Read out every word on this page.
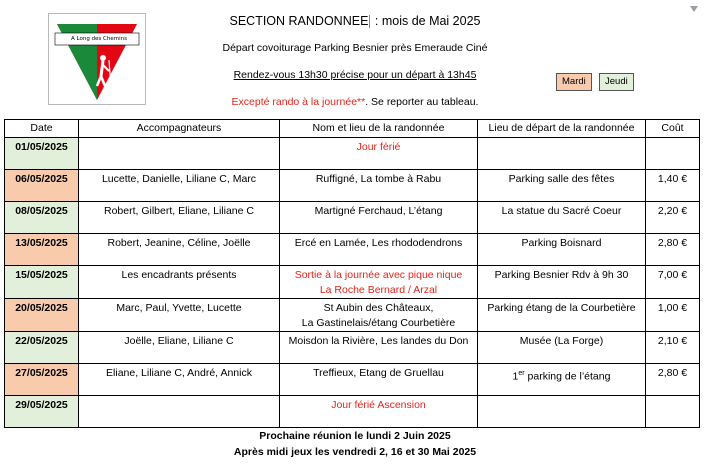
A Long des Chemins
SECTION RANDONNEE : mois de Mai 2025
Départ covoiturage Parking Besnier près Emeraude Ciné
Rendez-vous 13h30 précise pour un départ à 13h45
Excepté rando à la journée**. Se reporter au tableau.
Mardi	Jeudi
Date	Accompagnateurs	Nom et lieu de la randonnée	Lieu de départ de la randonnée	Coût
01/05/2025		Jour férié		
06/05/2025	Lucette, Danielle, Liliane C, Marc	Ruffigné, La tombe à Rabu	Parking salle des fêtes	1,40 €
08/05/2025	Robert, Gilbert, Eliane, Liliane C	Martigné Ferchaud, L’étang	La statue du Sacré Coeur	2,20 €
13/05/2025	Robert, Jeanine, Céline, Joëlle	Ercé en Lamée, Les rhododendrons	Parking Boisnard	2,80 €
15/05/2025	Les encadrants présents	Sortie à la journée avec pique nique
La Roche Bernard / Arzal	Parking Besnier Rdv à 9h 30	7,00 €
20/05/2025	Marc, Paul, Yvette, Lucette	St Aubin des Châteaux,
La Gastinelais/étang Courbetière	Parking étang de la Courbetière	1,00 €
22/05/2025	Joëlle, Eliane, Liliane C	Moisdon la Rivière, Les landes du Don	Musée (La Forge)	2,10 €
27/05/2025	Eliane, Liliane C, André, Annick	Treffieux, Etang de Gruellau	1er parking de l’étang	2,80 €
29/05/2025		Jour férié Ascension		
Prochaine réunion le lundi 2 Juin 2025
Après midi jeux les vendredi 2, 16 et 30 Mai 2025
